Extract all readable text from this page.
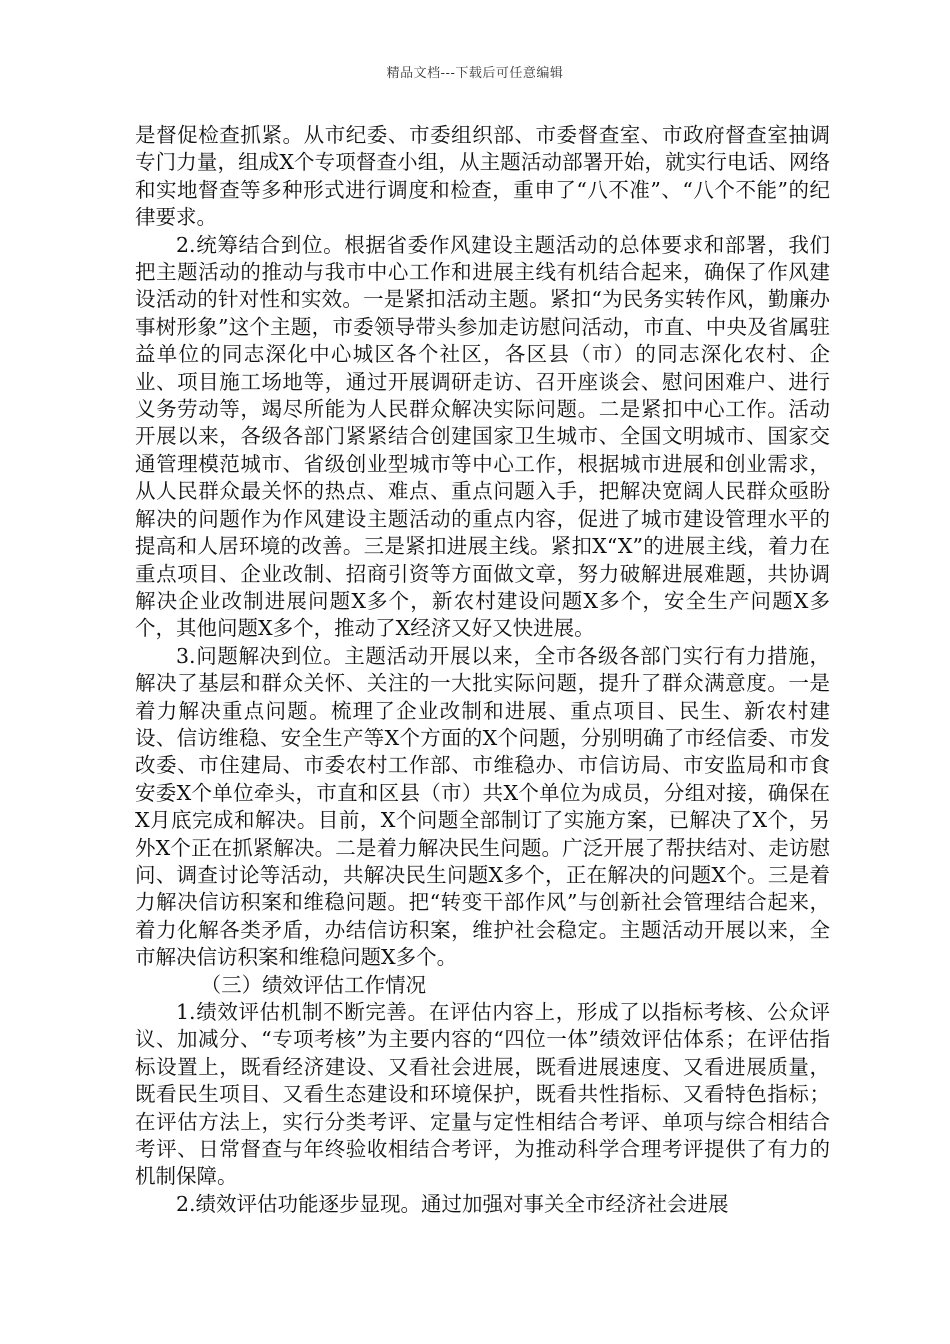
精品文档---下载后可任意编辑

是督促检查抓紧。从市纪委、市委组织部、市委督查室、市政府督查室抽调专门力量，组成X个专项督查小组，从主题活动部署开始，就实行电话、网络和实地督查等多种形式进行调度和检查，重申了“八不准”、“八个不能”的纪律要求。

2.统筹结合到位。根据省委作风建设主题活动的总体要求和部署，我们把主题活动的推动与我市中心工作和进展主线有机结合起来，确保了作风建设活动的针对性和实效。一是紧扣活动主题。紧扣“为民务实转作风，勤廉办事树形象”这个主题，市委领导带头参加走访慰问活动，市直、中央及省属驻益单位的同志深化中心城区各个社区，各区县（市）的同志深化农村、企业、项目施工场地等，通过开展调研走访、召开座谈会、慰问困难户、进行义务劳动等，竭尽所能为人民群众解决实际问题。二是紧扣中心工作。活动开展以来，各级各部门紧紧结合创建国家卫生城市、全国文明城市、国家交通管理模范城市、省级创业型城市等中心工作，根据城市进展和创业需求，从人民群众最关怀的热点、难点、重点问题入手，把解决宽阔人民群众亟盼解决的问题作为作风建设主题活动的重点内容，促进了城市建设管理水平的提高和人居环境的改善。三是紧扣进展主线。紧扣X“X”的进展主线，着力在重点项目、企业改制、招商引资等方面做文章，努力破解进展难题，共协调解决企业改制进展问题X多个，新农村建设问题X多个，安全生产问题X多个，其他问题X多个，推动了X经济又好又快进展。

3.问题解决到位。主题活动开展以来，全市各级各部门实行有力措施，解决了基层和群众关怀、关注的一大批实际问题，提升了群众满意度。一是着力解决重点问题。梳理了企业改制和进展、重点项目、民生、新农村建设、信访维稳、安全生产等X个方面的X个问题，分别明确了市经信委、市发改委、市住建局、市委农村工作部、市维稳办、市信访局、市安监局和市食安委X个单位牵头，市直和区县（市）共X个单位为成员，分组对接，确保在X月底完成和解决。目前，X个问题全部制订了实施方案，已解决了X个，另外X个正在抓紧解决。二是着力解决民生问题。广泛开展了帮扶结对、走访慰问、调查讨论等活动，共解决民生问题X多个，正在解决的问题X个。三是着力解决信访积案和维稳问题。把“转变干部作风”与创新社会管理结合起来，着力化解各类矛盾，办结信访积案，维护社会稳定。主题活动开展以来，全市解决信访积案和维稳问题X多个。

（三）绩效评估工作情况

1.绩效评估机制不断完善。在评估内容上，形成了以指标考核、公众评议、加减分、“专项考核”为主要内容的“四位一体”绩效评估体系；在评估指标设置上，既看经济建设、又看社会进展，既看进展速度、又看进展质量，既看民生项目、又看生态建设和环境保护，既看共性指标、又看特色指标；在评估方法上，实行分类考评、定量与定性相结合考评、单项与综合相结合考评、日常督查与年终验收相结合考评，为推动科学合理考评提供了有力的机制保障。

2.绩效评估功能逐步显现。通过加强对事关全市经济社会进展
